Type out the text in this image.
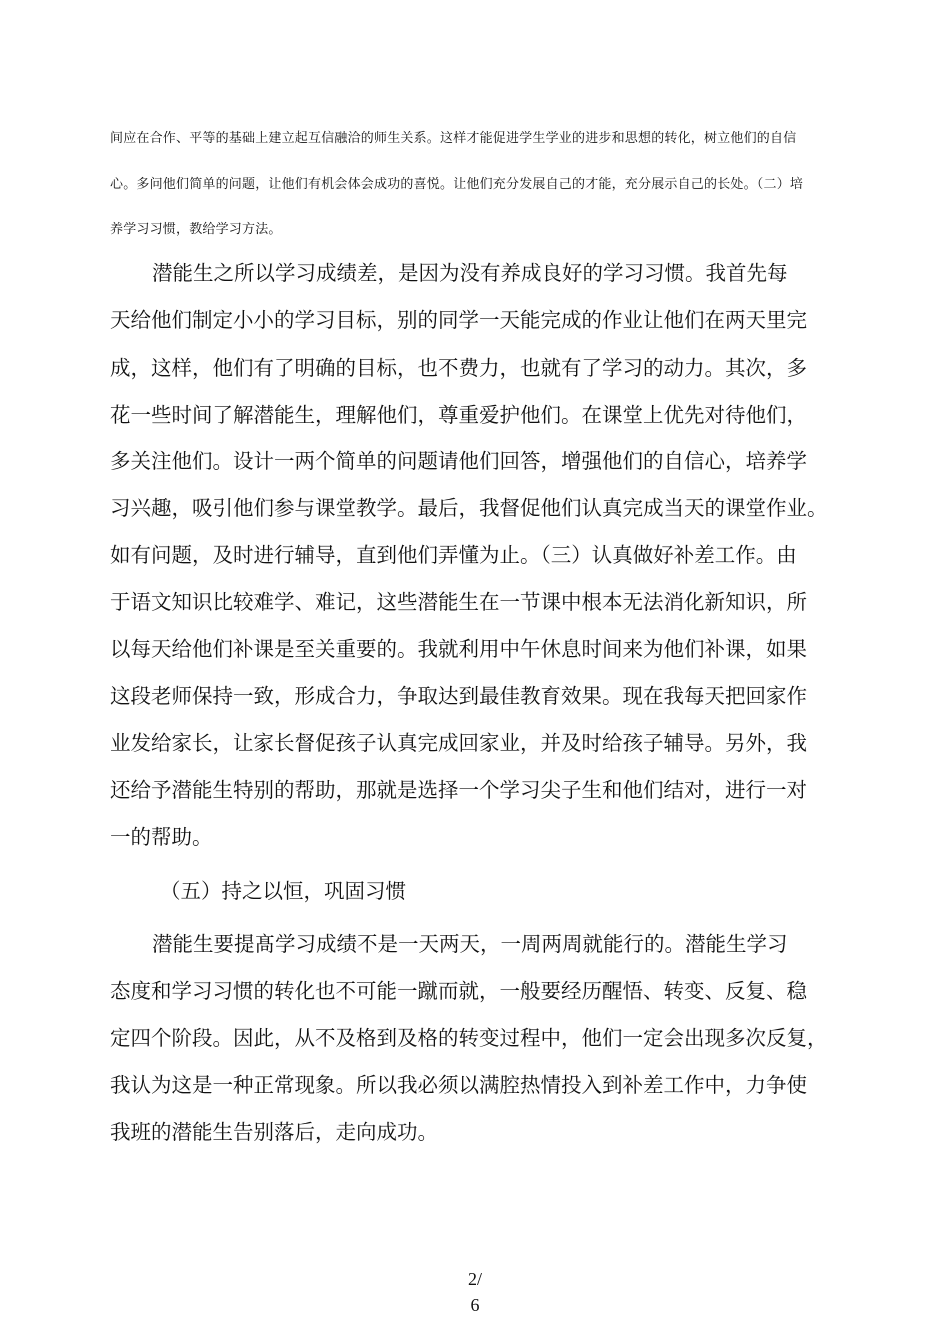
间应在合作、平等的基础上建立起互信融洽的师生关系。这样才能促进学生学业的进步和思想的转化，树立他们的自信
心。多问他们简单的问题，让他们有机会体会成功的喜悦。让他们充分发展自己的才能，充分展示自己的长处。（二）培
养学习习惯，教给学习方法。
潜能生之所以学习成绩差，是因为没有养成良好的学习习惯。我首先每
天给他们制定小小的学习目标，别的同学一天能完成的作业让他们在两天里完
成，这样，他们有了明确的目标，也不费力，也就有了学习的动力。其次，多
花一些时间了解潜能生，理解他们，尊重爱护他们。在课堂上优先对待他们，
多关注他们。设计一两个简单的问题请他们回答，增强他们的自信心，培养学
习兴趣，吸引他们参与课堂教学。最后，我督促他们认真完成当天的课堂作业。
如有问题，及时进行辅导，直到他们弄懂为止。（三）认真做好补差工作。由
于语文知识比较难学、难记，这些潜能生在一节课中根本无法消化新知识，所
以每天给他们补课是至关重要的。我就利用中午休息时间来为他们补课，如果
这段老师保持一致，形成合力，争取达到最佳教育效果。现在我每天把回家作
业发给家长，让家长督促孩子认真完成回家业，并及时给孩子辅导。另外，我
还给予潜能生特别的帮助，那就是选择一个学习尖子生和他们结对，进行一对
一的帮助。
（五）持之以恒，巩固习惯
潜能生要提髙学习成绩不是一天两天，一周两周就能行的。潜能生学习
态度和学习习惯的转化也不可能一蹴而就，一般要经历醒悟、转变、反复、稳
定四个阶段。因此，从不及格到及格的转变过程中，他们一定会出现多次反复，
我认为这是一种正常现象。所以我必须以满腔热情投入到补差工作中，力争使
我班的潜能生告别落后，走向成功。
2/
6
